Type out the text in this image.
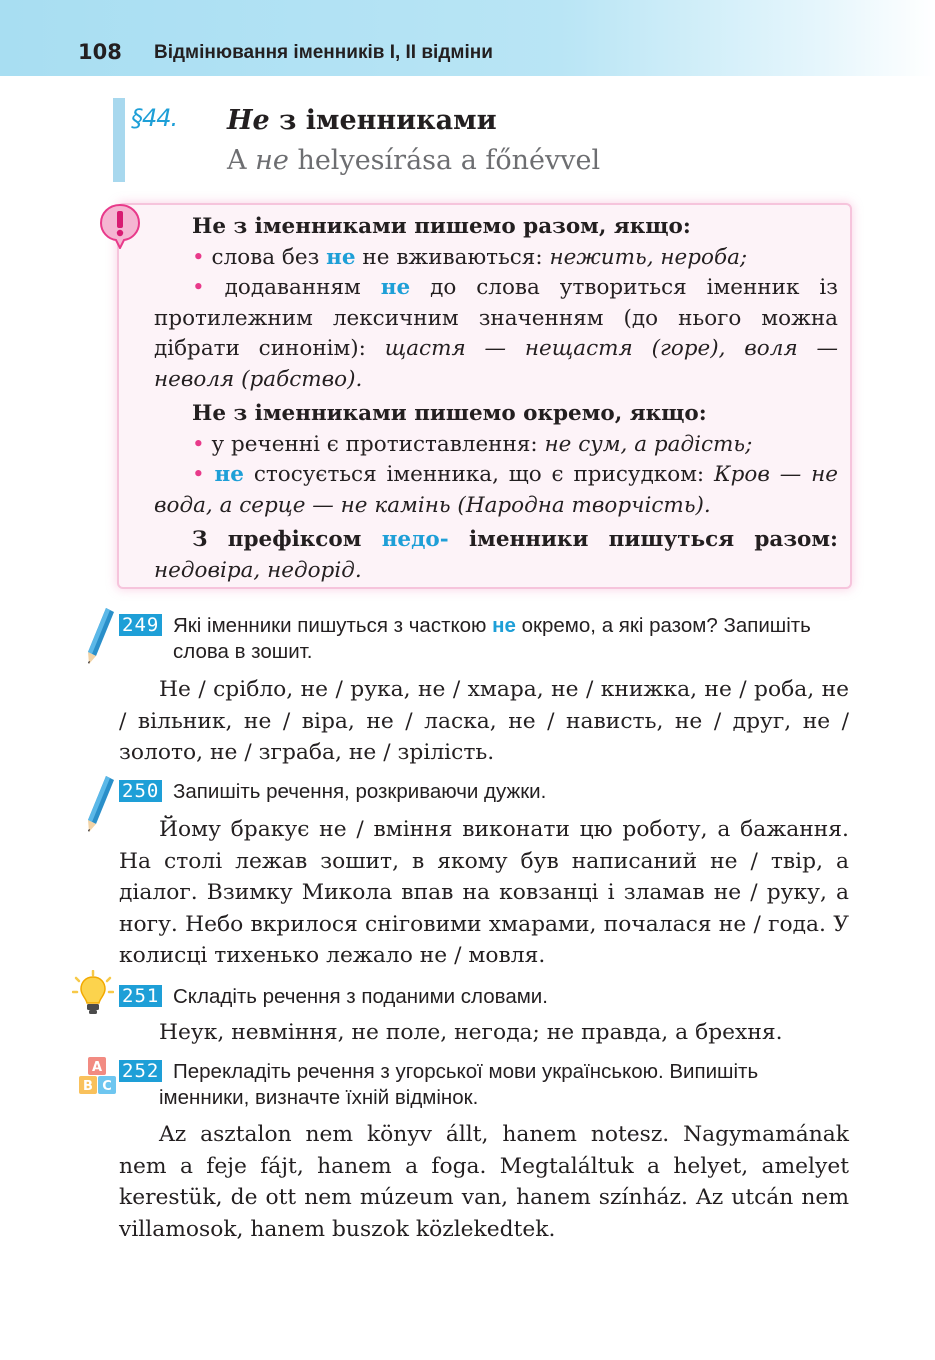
108 Відмінювання іменників I, II відміни
§44. Не з іменниками
A не helyesírása a főnévvel

Не з іменниками пишемо разом, якщо:

• слова без не не вживаються: нежить, нероба;

• додаванням не до слова утвориться іменник із протилежним лексичним значенням (до нього можна дібрати синонім): щастя — нещастя (горе), воля — неволя (рабство).

Не з іменниками пишемо окремо, якщо:

• у реченні є протиставлення: не сум, а радість;

• не стосується іменника, що є присудком: Кров — не вода, а серце — не камінь (Народна творчість).

З префіксом недо- іменники пишуться разом: недовіра, недорід.

249 Які іменники пишуться з часткою не окремо, а які разом? Запишіть слова в зошит.

Не / срібло, не / рука, не / хмара, не / книжка, не / роба, не / вільник, не / віра, не / ласка, не / нависть, не / друг, не / золото, не / зграба, не / зрілість.

250 Запишіть речення, розкриваючи дужки.

Йому бракує не / вміння виконати цю роботу, а бажання. На столі лежав зошит, в якому був написаний не / твір, а діалог. Взимку Микола впав на ковзанці і зламав не / руку, а ногу. Небо вкрилося сніговими хмарами, почалася не / года. У колисці тихенько лежало не / мовля.

251 Складіть речення з поданими словами.

Неук, невміння, не поле, негода; не правда, а брехня.

A
B C
252 Перекладіть речення з угорської мови українською. Випишіть іменники, визначте їхній відмінок.

Az asztalon nem könyv állt, hanem notesz. Nagymamának nem a feje fájt, hanem a foga. Megtaláltuk a helyet, amelyet kerestük, de ott nem múzeum van, hanem színház. Az utcán nem villamosok, hanem buszok közlekedtek.
